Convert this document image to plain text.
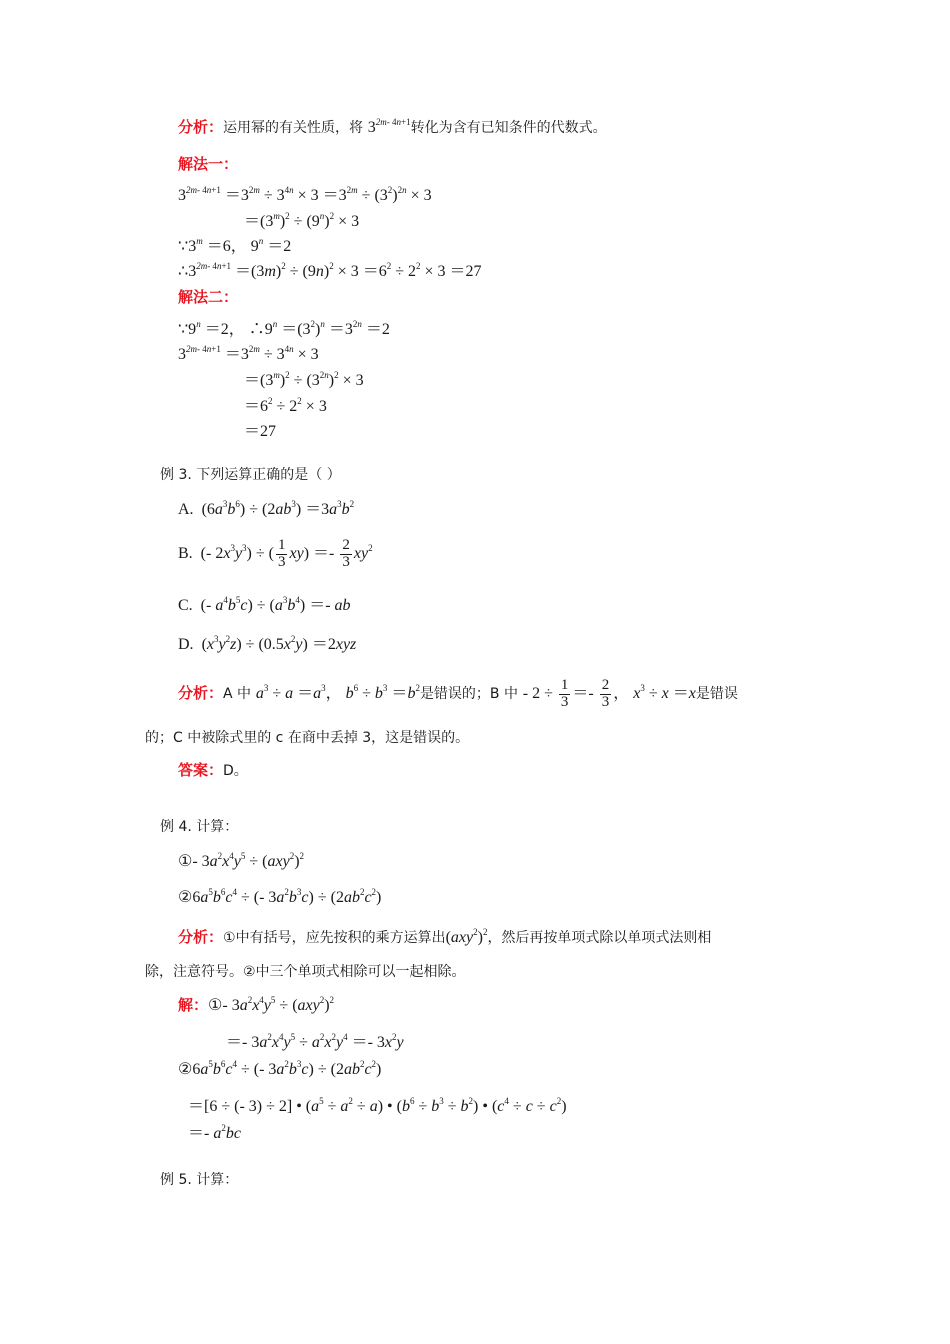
分析：运用幂的有关性质，将 $3^{2m- 4n+1}$转化为含有已知条件的代数式。
解法一：
$3^{2m- 4n+1} =3^{2m} \div 3^{4n} \times 3 =3^{2m} \div (3^2)^{2n} \times 3$
$=(3^m)^2 \div (9^n)^2 \times 3$
$\because 3^m =6$， $9^n =2$
$\therefore 3^{2m- 4n+1} =(3m)^2 \div (9n)^2 \times 3 =6^2 \div 2^2 \times 3 =27$
解法二：
$\because 9^n =2$， $\therefore 9^n =(3^2)^n =3^{2n} =2$
$3^{2m- 4n+1} =3^{2m} \div 3^{4n} \times 3$
$=(3^m)^2 \div (3^{2n})^2 \times 3$
$=6^2 \div 2^2 \times 3$
＝27
例 3. 下列运算正确的是（ ）
A.  $(6a^3b^6) \div (2ab^3) =3a^3b^2$
B.  (- $2x^3y^3$) ÷ ( $\frac{1}{3} xy) =- \frac{2}{3} xy^2$
C.  (- $a^4b^5c) \div (a^3b^4)$ ＝- ab
D.  $(x^3y^2z) \div (0.5x^2y) =2xyz$
分析：A 中 $a^3 \div a =a^3$， $b^6 \div b^3 =b^2$是错误的；B 中 - $2 \div \frac{1}{3} =- \frac{2}{3}$ ， $x^3 \div x =x$是错误
的；C 中被除式里的 c 在商中丢掉 3，这是错误的。
答案：D。
例 4. 计算：
①- $3a^2x^4y^5 \div (axy^2)^2$
$②6a^5b^6c^4$ ÷ (- $3a^2b^3c) \div (2ab^2c^2)$
分析：①中有括号，应先按积的乘方运算出$(axy^2)^2$，然后再按单项式除以单项式法则相
除，注意符号。②中三个单项式相除可以一起相除。
解：①- $3a^2x^4y^5 \div (axy^2)^2$
＝- $3a^2x^4y^5 \div a^2x^2y^4 =- 3x^2y$
$②6a^5b^6c^4$ ÷ (- $3a^2b^3c) \div (2ab^2c^2)$
＝[6 ÷ (- 3) ÷ 2] • $(a^5 \div a^2 \div a)$ • $(b^6 \div b^3 \div b^2)$ • $(c^4 \div c \div c^2)$
＝- $a^2bc$
例 5. 计算：
